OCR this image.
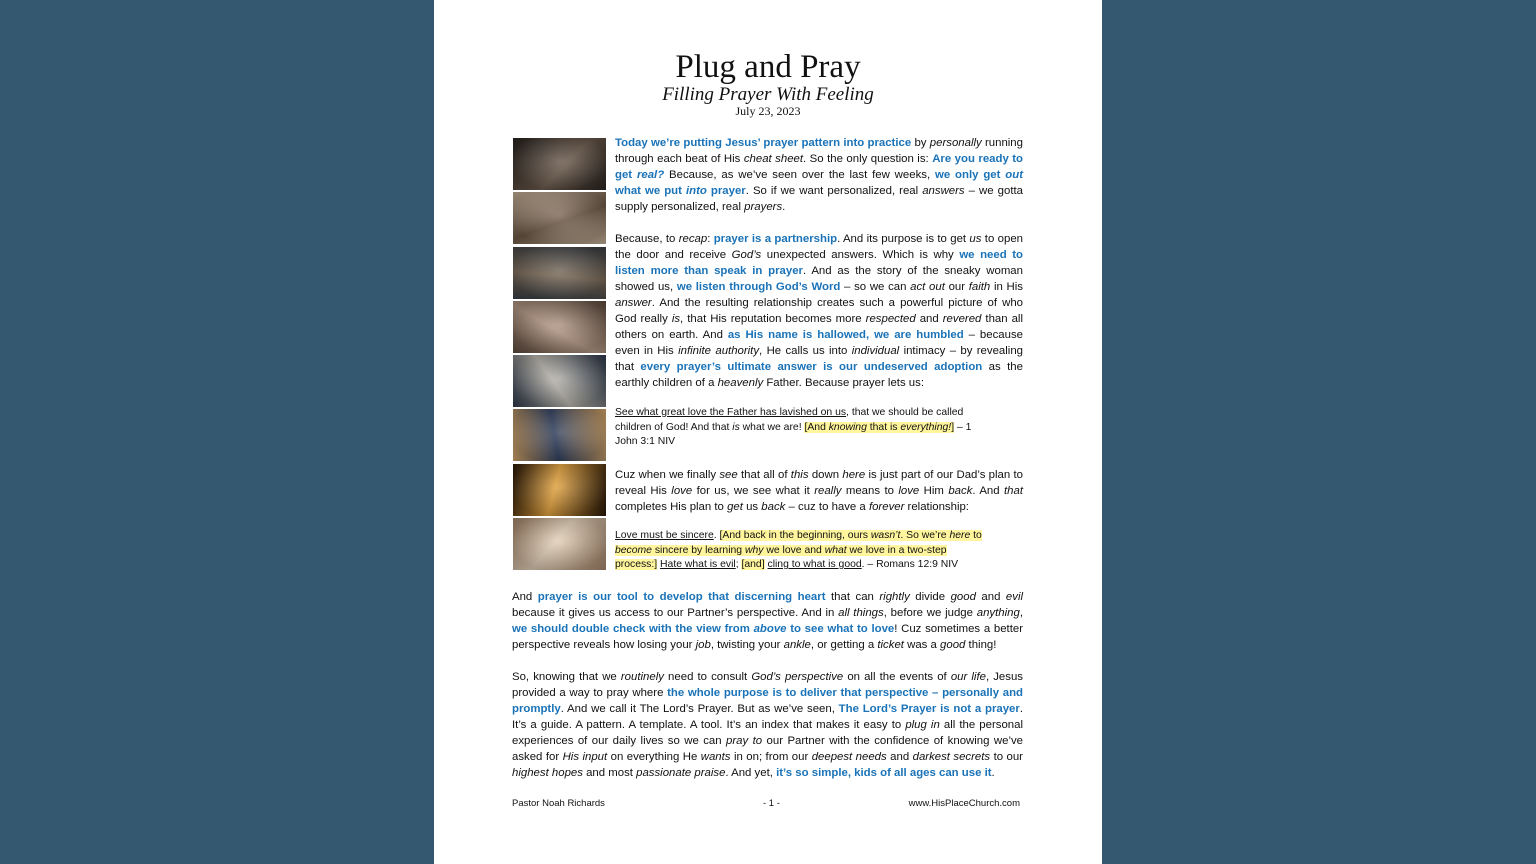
Plug and Pray
Filling Prayer With Feeling
July 23, 2023
Today we’re putting Jesus’ prayer pattern into practice by personally running through each beat of His cheat sheet. So the only question is: Are you ready to get real? Because, as we’ve seen over the last few weeks, we only get out what we put into prayer. So if we want personalized, real answers – we gotta supply personalized, real prayers.
Because, to recap: prayer is a partnership. And its purpose is to get us to open the door and receive God’s unexpected answers. Which is why we need to listen more than speak in prayer. And as the story of the sneaky woman showed us, we listen through God’s Word – so we can act out our faith in His answer. And the resulting relationship creates such a powerful picture of who God really is, that His reputation becomes more respected and revered than all others on earth. And as His name is hallowed, we are humbled – because even in His infinite authority, He calls us into individual intimacy – by revealing that every prayer’s ultimate answer is our undeserved adoption as the earthly children of a heavenly Father. Because prayer lets us:
See what great love the Father has lavished on us, that we should be called children of God! And that is what we are! [And knowing that is everything!] – 1 John 3:1 NIV
Cuz when we finally see that all of this down here is just part of our Dad’s plan to reveal His love for us, we see what it really means to love Him back. And that completes His plan to get us back – cuz to have a forever relationship:
Love must be sincere. [And back in the beginning, ours wasn’t. So we’re here to become sincere by learning why we love and what we love in a two-step process:] Hate what is evil; [and] cling to what is good. – Romans 12:9 NIV
And prayer is our tool to develop that discerning heart that can rightly divide good and evil because it gives us access to our Partner’s perspective. And in all things, before we judge anything, we should double check with the view from above to see what to love! Cuz sometimes a better perspective reveals how losing your job, twisting your ankle, or getting a ticket was a good thing!
So, knowing that we routinely need to consult God’s perspective on all the events of our life, Jesus provided a way to pray where the whole purpose is to deliver that perspective – personally and promptly. And we call it The Lord’s Prayer. But as we’ve seen, The Lord’s Prayer is not a prayer. It’s a guide. A pattern. A template. A tool. It’s an index that makes it easy to plug in all the personal experiences of our daily lives so we can pray to our Partner with the confidence of knowing we’ve asked for His input on everything He wants in on; from our deepest needs and darkest secrets to our highest hopes and most passionate praise. And yet, it’s so simple, kids of all ages can use it.
Pastor Noah Richards	- 1 -	www.HisPlaceChurch.com
